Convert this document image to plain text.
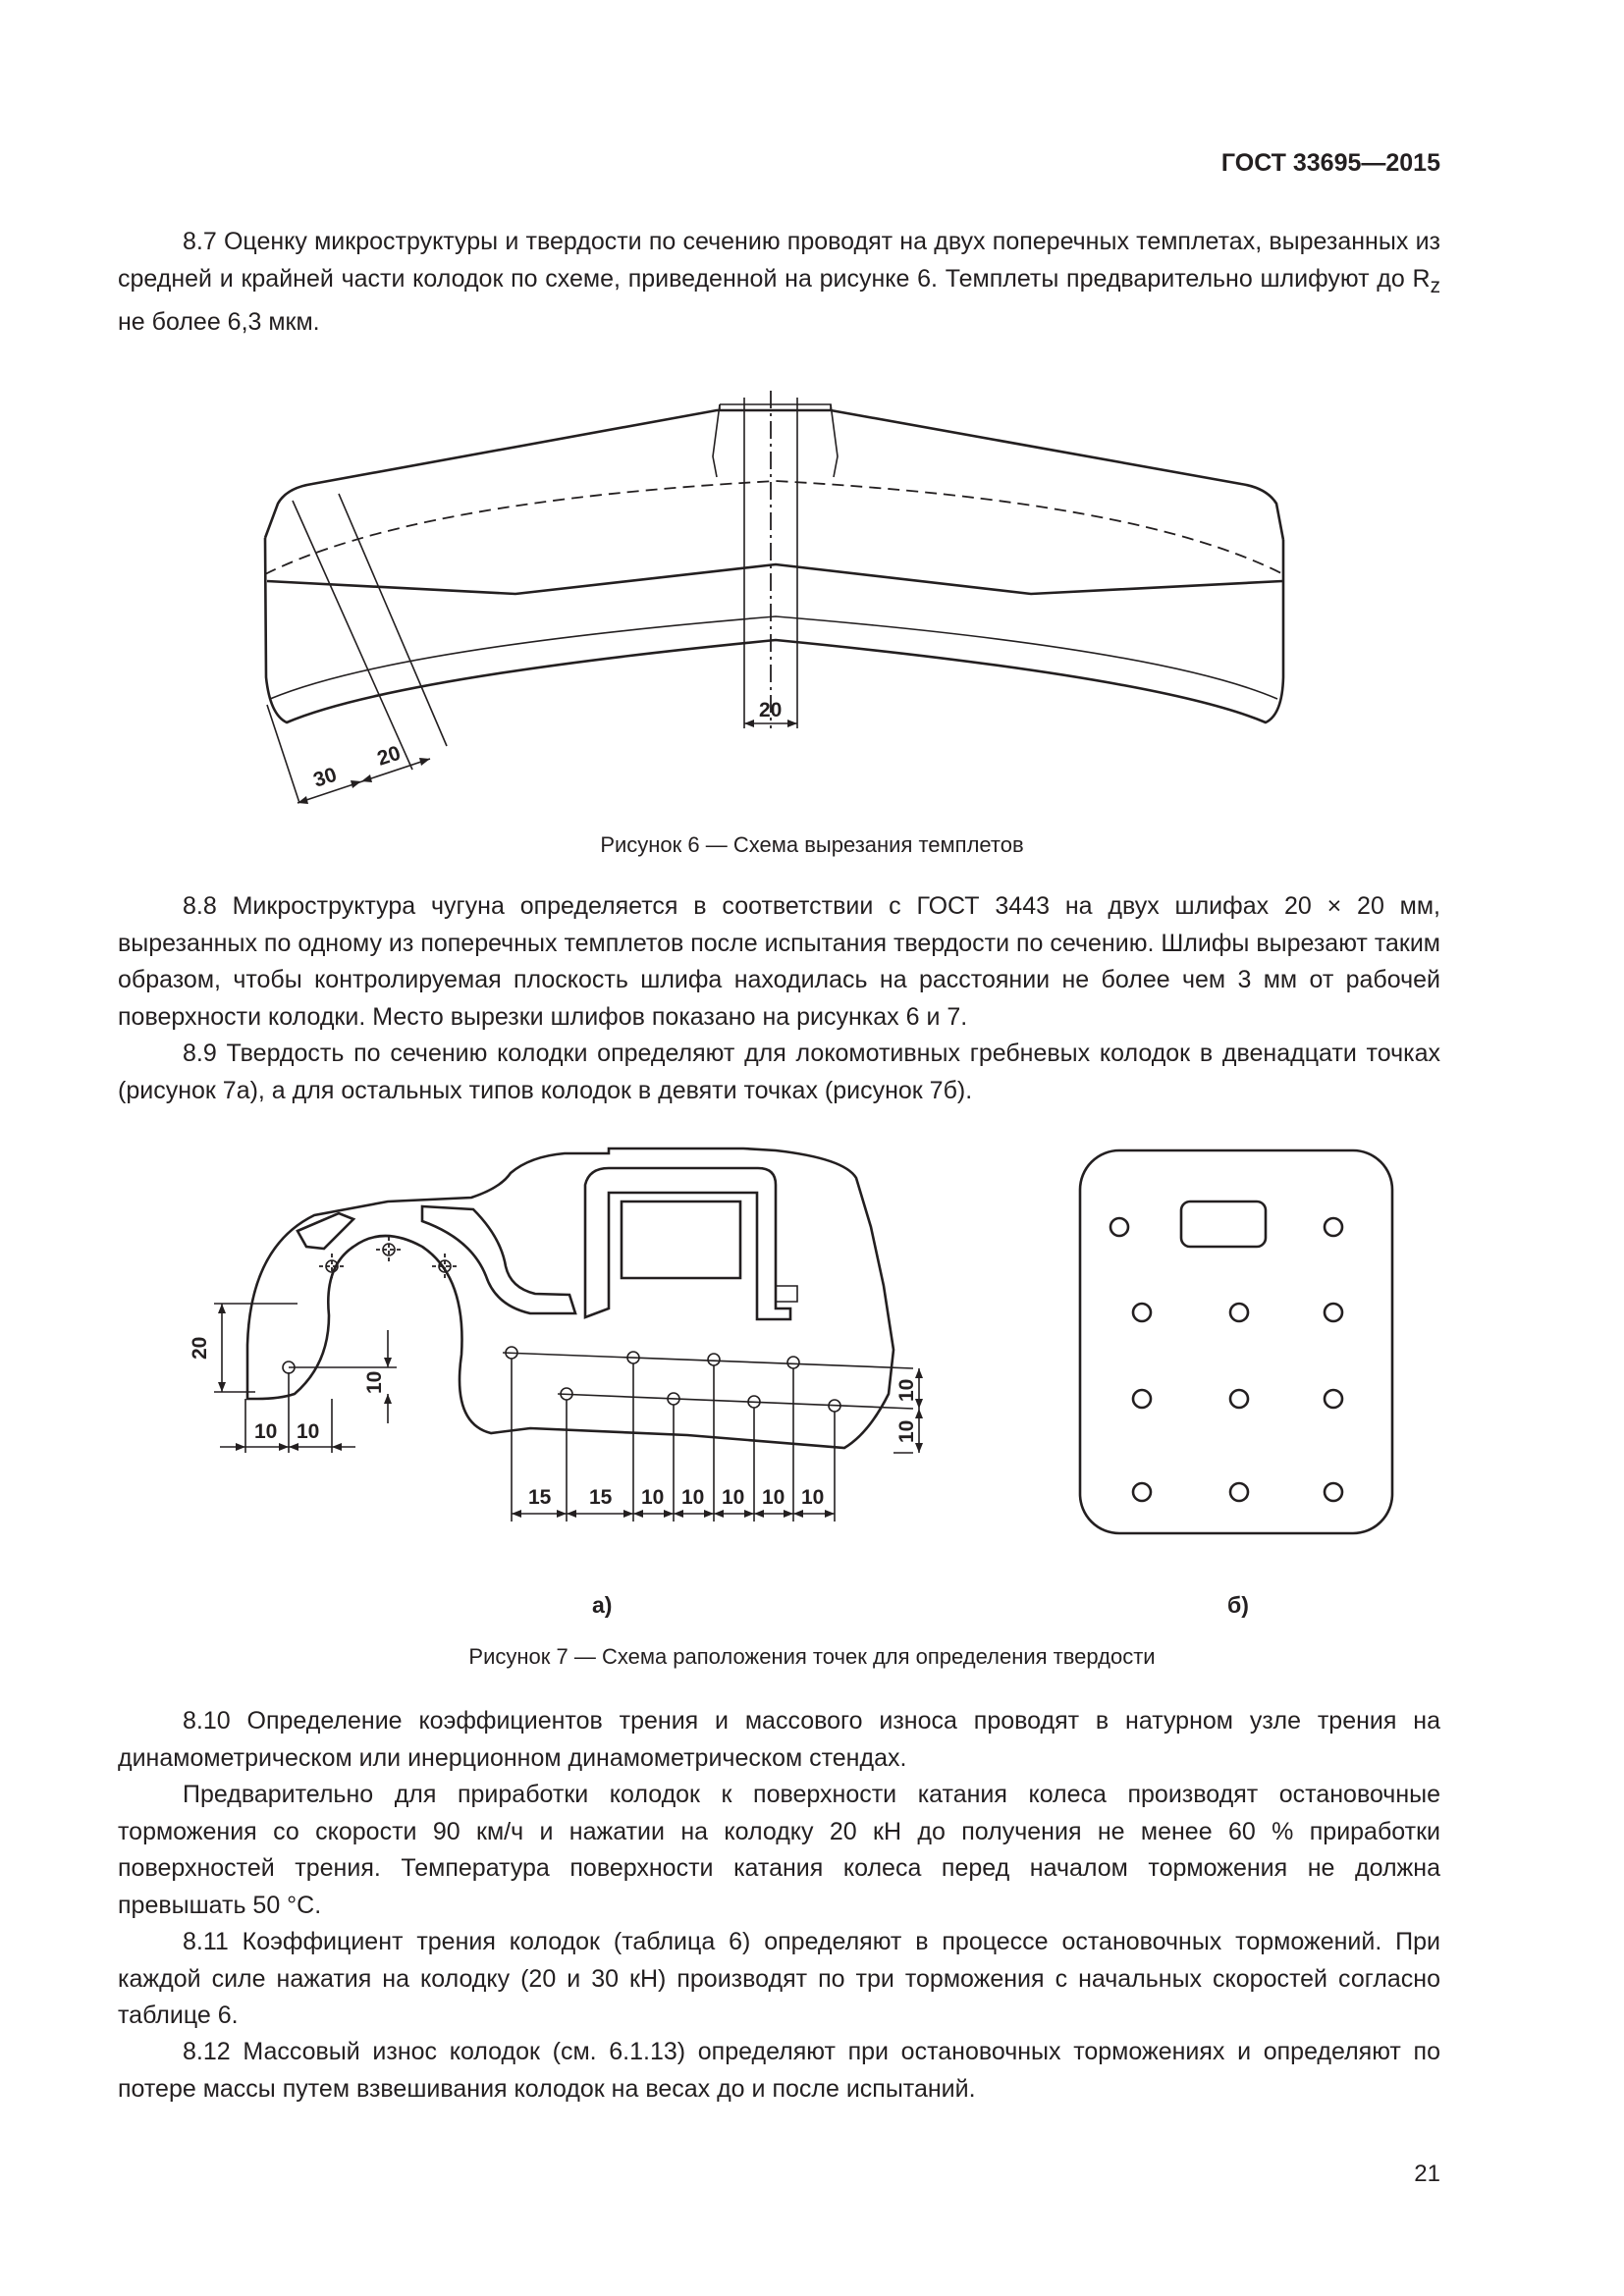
ГОСТ 33695—2015

8.7 Оценку микроструктуры и твердости по сечению проводят на двух поперечных темплетах, вырезанных из средней и крайней части колодок по схеме, приведенной на рисунке 6. Темплеты предварительно шлифуют до $R_z$ не более 6,3 мкм.

20
30
20
Рисунок 6 — Схема вырезания темплетов

8.8 Микроструктура чугуна определяется в соответствии с ГОСТ 3443 на двух шлифах 20 × 20 мм, вырезанных по одному из поперечных темплетов после испытания твердости по сечению. Шлифы вырезают таким образом, чтобы контролируемая плоскость шлифа находилась на расстоянии не более чем 3 мм от рабочей поверхности колодки. Место вырезки шлифов показано на рисунках 6 и 7.

8.9 Твердость по сечению колодки определяют для локомотивных гребневых колодок в двенадцати точках (рисунок 7а), а для остальных типов колодок в девяти точках (рисунок 7б).

20
10
10 10
15 15 10 10 10 10 10
10
10
а)	б)
Рисунок 7 — Схема раположения точек для определения твердости

8.10 Определение коэффициентов трения и массового износа проводят в натурном узле трения на динамометрическом или инерционном динамометрическом стендах.

Предварительно для приработки колодок к поверхности катания колеса производят остановочные торможения со скорости 90 км/ч и нажатии на колодку 20 кН до получения не менее 60 % приработки поверхностей трения. Температура поверхности катания колеса перед началом торможения не должна превышать 50 °С.

8.11 Коэффициент трения колодок (таблица 6) определяют в процессе остановочных торможений. При каждой силе нажатия на колодку (20 и 30 кН) производят по три торможения с начальных скоростей согласно таблице 6.

8.12 Массовый износ колодок (см. 6.1.13) определяют при остановочных торможениях и определяют по потере массы путем взвешивания колодок на весах до и после испытаний.

21
